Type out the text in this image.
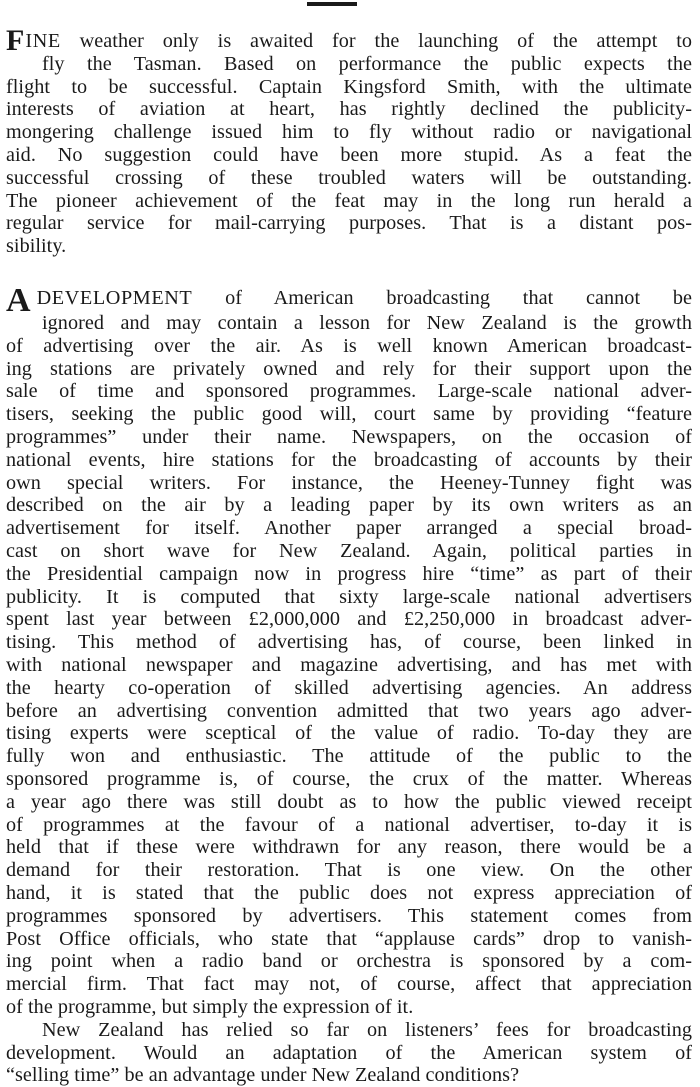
FINE weather only is awaited for the launching of the attempt to
fly the Tasman. Based on performance the public expects the
flight to be successful. Captain Kingsford Smith, with the ultimate
interests of aviation at heart, has rightly declined the publicity-
mongering challenge issued him to fly without radio or navigational
aid. No suggestion could have been more stupid. As a feat the
successful crossing of these troubled waters will be outstanding.
The pioneer achievement of the feat may in the long run herald a
regular service for mail-carrying purposes. That is a distant pos-
sibility.

ADEVELOPMENT of American broadcasting that cannot be
ignored and may contain a lesson for New Zealand is the growth
of advertising over the air. As is well known American broadcast-
ing stations are privately owned and rely for their support upon the
sale of time and sponsored programmes. Large-scale national adver-
tisers, seeking the public good will, court same by providing “feature
programmes” under their name. Newspapers, on the occasion of
national events, hire stations for the broadcasting of accounts by their
own special writers. For instance, the Heeney-Tunney fight was
described on the air by a leading paper by its own writers as an
advertisement for itself. Another paper arranged a special broad-
cast on short wave for New Zealand. Again, political parties in
the Presidential campaign now in progress hire “time” as part of their
publicity. It is computed that sixty large-scale national advertisers
spent last year between £2,000,000 and £2,250,000 in broadcast adver-
tising. This method of advertising has, of course, been linked in
with national newspaper and magazine advertising, and has met with
the hearty co-operation of skilled advertising agencies. An address
before an advertising convention admitted that two years ago adver-
tising experts were sceptical of the value of radio. To-day they are
fully won and enthusiastic. The attitude of the public to the
sponsored programme is, of course, the crux of the matter. Whereas
a year ago there was still doubt as to how the public viewed receipt
of programmes at the favour of a national advertiser, to-day it is
held that if these were withdrawn for any reason, there would be a
demand for their restoration. That is one view. On the other
hand, it is stated that the public does not express appreciation of
programmes sponsored by advertisers. This statement comes from
Post Office officials, who state that “applause cards” drop to vanish-
ing point when a radio band or orchestra is sponsored by a com-
mercial firm. That fact may not, of course, affect that appreciation
of the programme, but simply the expression of it.

New Zealand has relied so far on listeners’ fees for broadcasting
development. Would an adaptation of the American system of
“selling time” be an advantage under New Zealand conditions?
